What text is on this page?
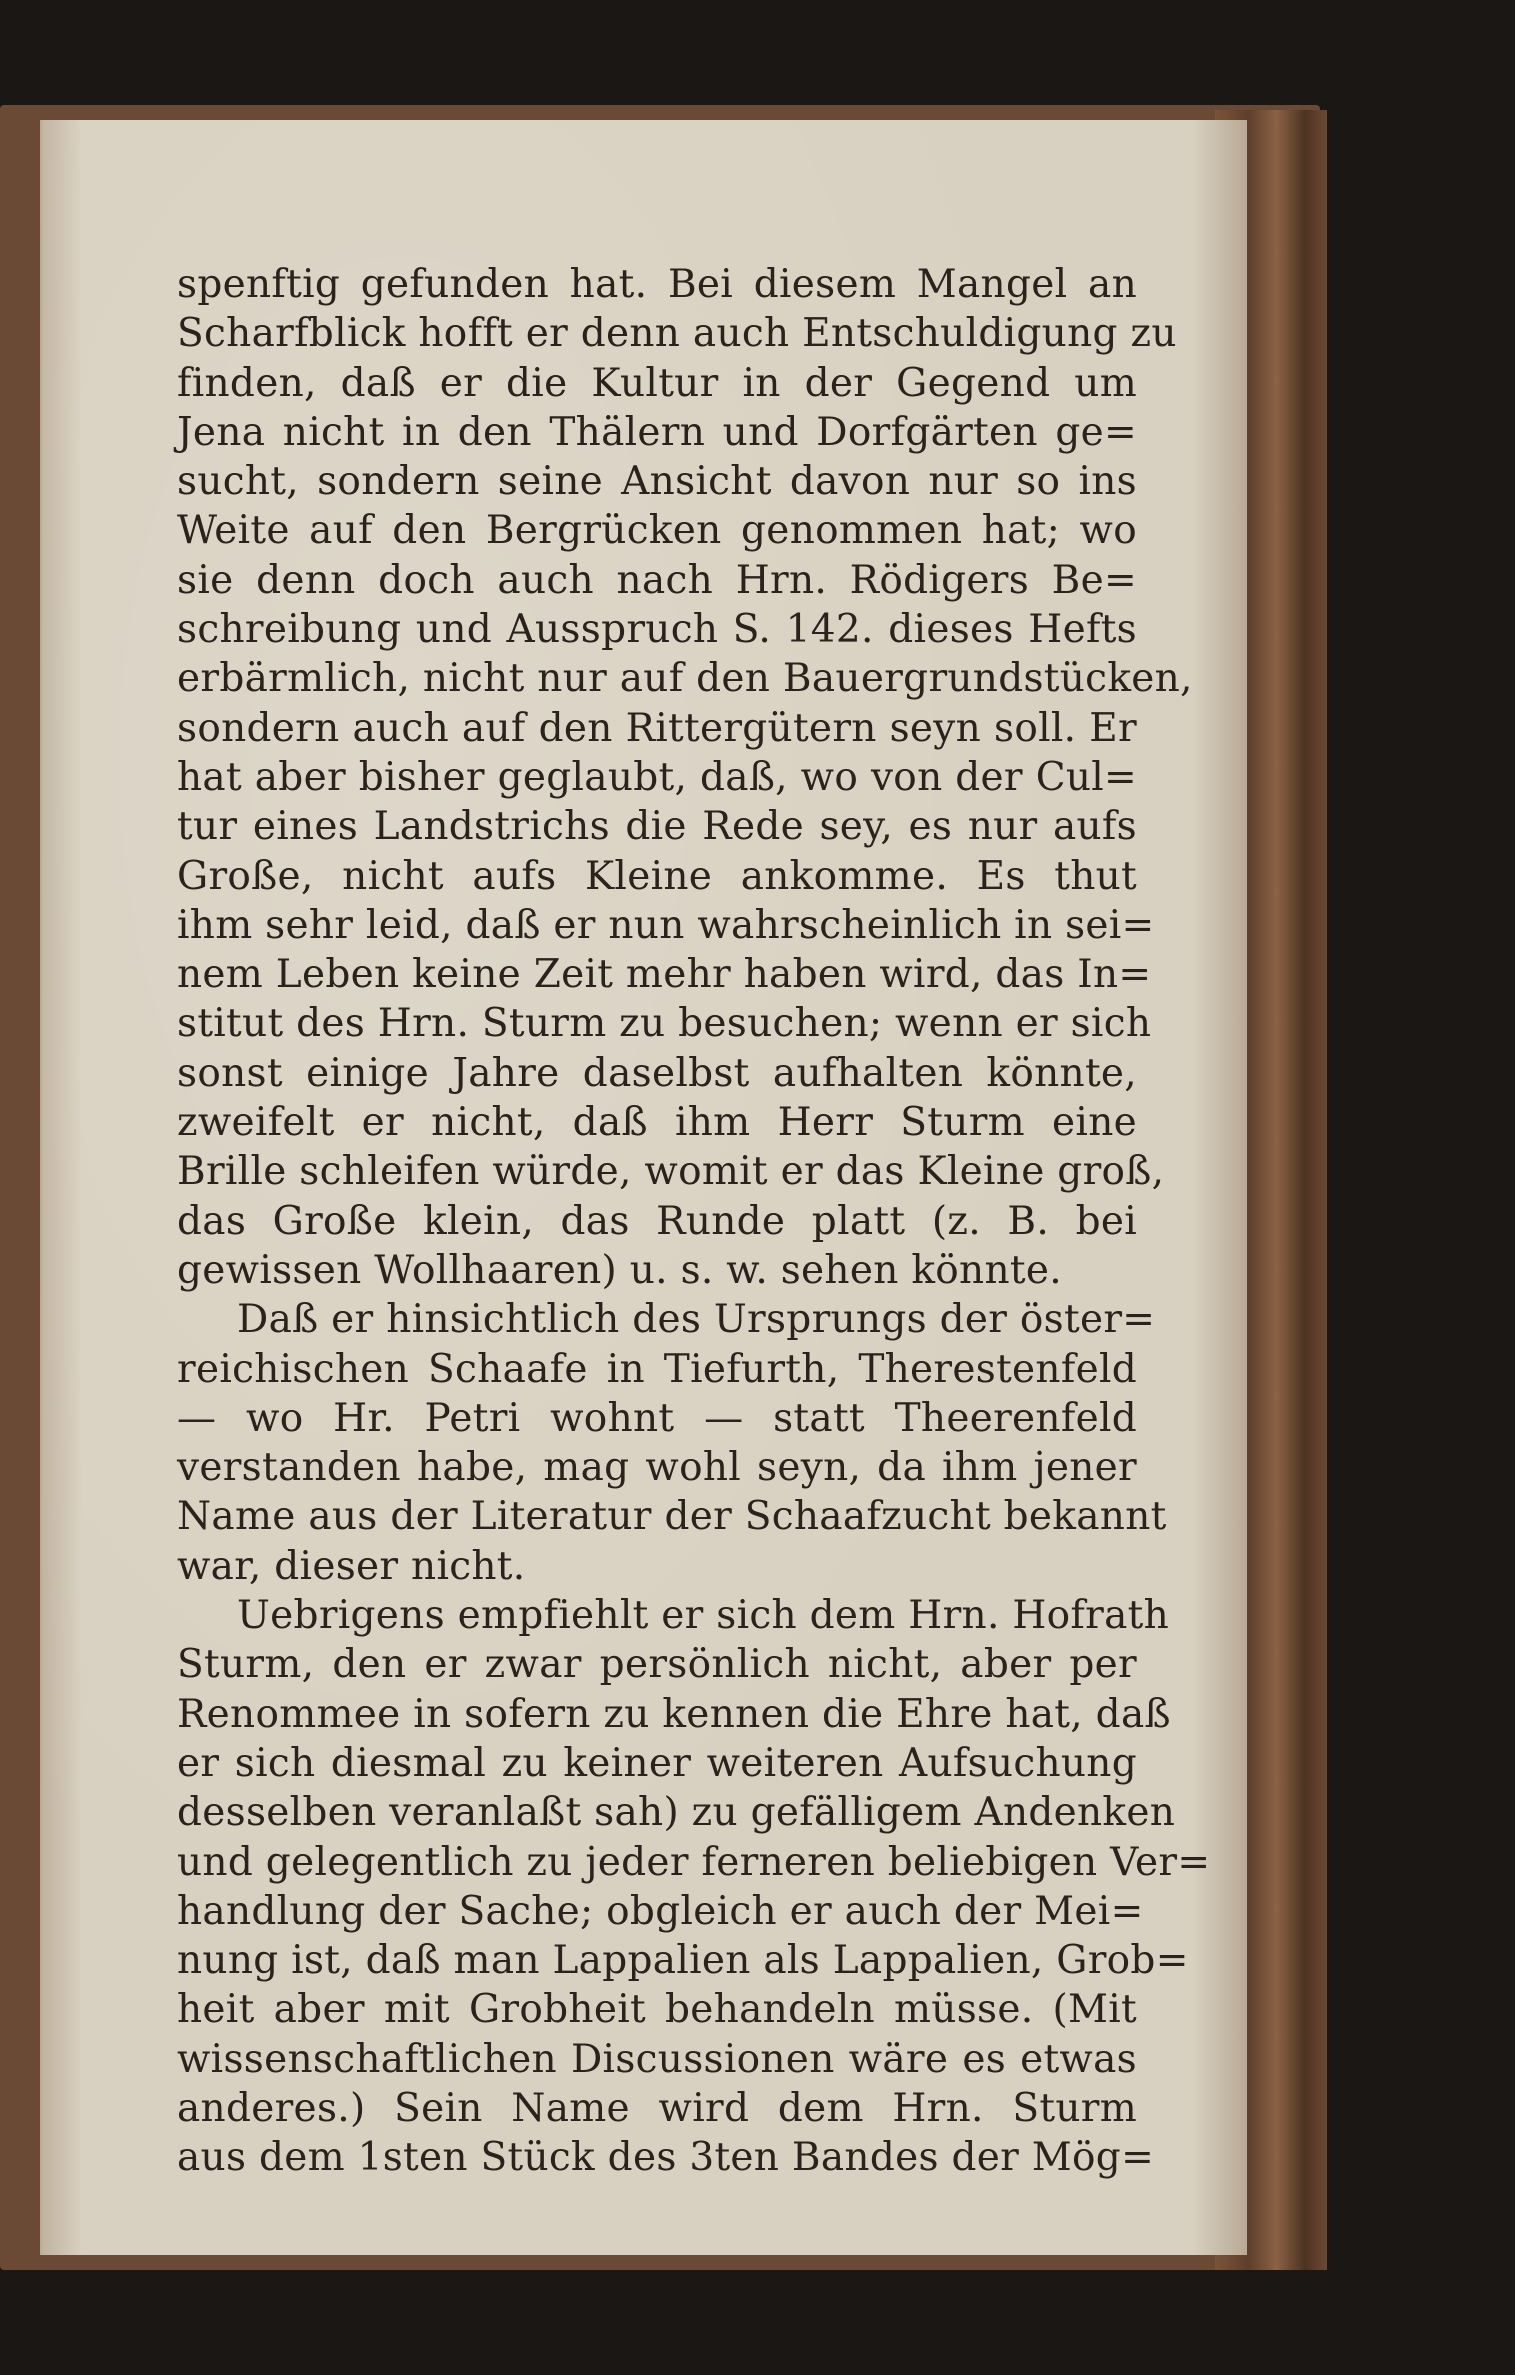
spenftig gefunden hat. Bei diesem Mangel an
Scharfblick hofft er denn auch Entschuldigung zu
finden, daß er die Kultur in der Gegend um
Jena nicht in den Thälern und Dorfgärten ge=
sucht, sondern seine Ansicht davon nur so ins
Weite auf den Bergrücken genommen hat; wo
sie denn doch auch nach Hrn. Rödigers Be=
schreibung und Ausspruch S. 142. dieses Hefts
erbärmlich, nicht nur auf den Bauergrundstücken,
sondern auch auf den Rittergütern seyn soll. Er
hat aber bisher geglaubt, daß, wo von der Cul=
tur eines Landstrichs die Rede sey, es nur aufs
Große, nicht aufs Kleine ankomme. Es thut
ihm sehr leid, daß er nun wahrscheinlich in sei=
nem Leben keine Zeit mehr haben wird, das In=
stitut des Hrn. Sturm zu besuchen; wenn er sich
sonst einige Jahre daselbst aufhalten könnte,
zweifelt er nicht, daß ihm Herr Sturm eine
Brille schleifen würde, womit er das Kleine groß,
das Große klein, das Runde platt (z. B. bei
gewissen Wollhaaren) u. s. w. sehen könnte.
Daß er hinsichtlich des Ursprungs der öster=
reichischen Schaafe in Tiefurth, Therestenfeld
— wo Hr. Petri wohnt — statt Theerenfeld
verstanden habe, mag wohl seyn, da ihm jener
Name aus der Literatur der Schaafzucht bekannt
war, dieser nicht.
Uebrigens empfiehlt er sich dem Hrn. Hofrath
Sturm, den er zwar persönlich nicht, aber per
Renommee in sofern zu kennen die Ehre hat, daß
er sich diesmal zu keiner weiteren Aufsuchung
desselben veranlaßt sah) zu gefälligem Andenken
und gelegentlich zu jeder ferneren beliebigen Ver=
handlung der Sache; obgleich er auch der Mei=
nung ist, daß man Lappalien als Lappalien, Grob=
heit aber mit Grobheit behandeln müsse. (Mit
wissenschaftlichen Discussionen wäre es etwas
anderes.) Sein Name wird dem Hrn. Sturm
aus dem 1sten Stück des 3ten Bandes der Mög=
